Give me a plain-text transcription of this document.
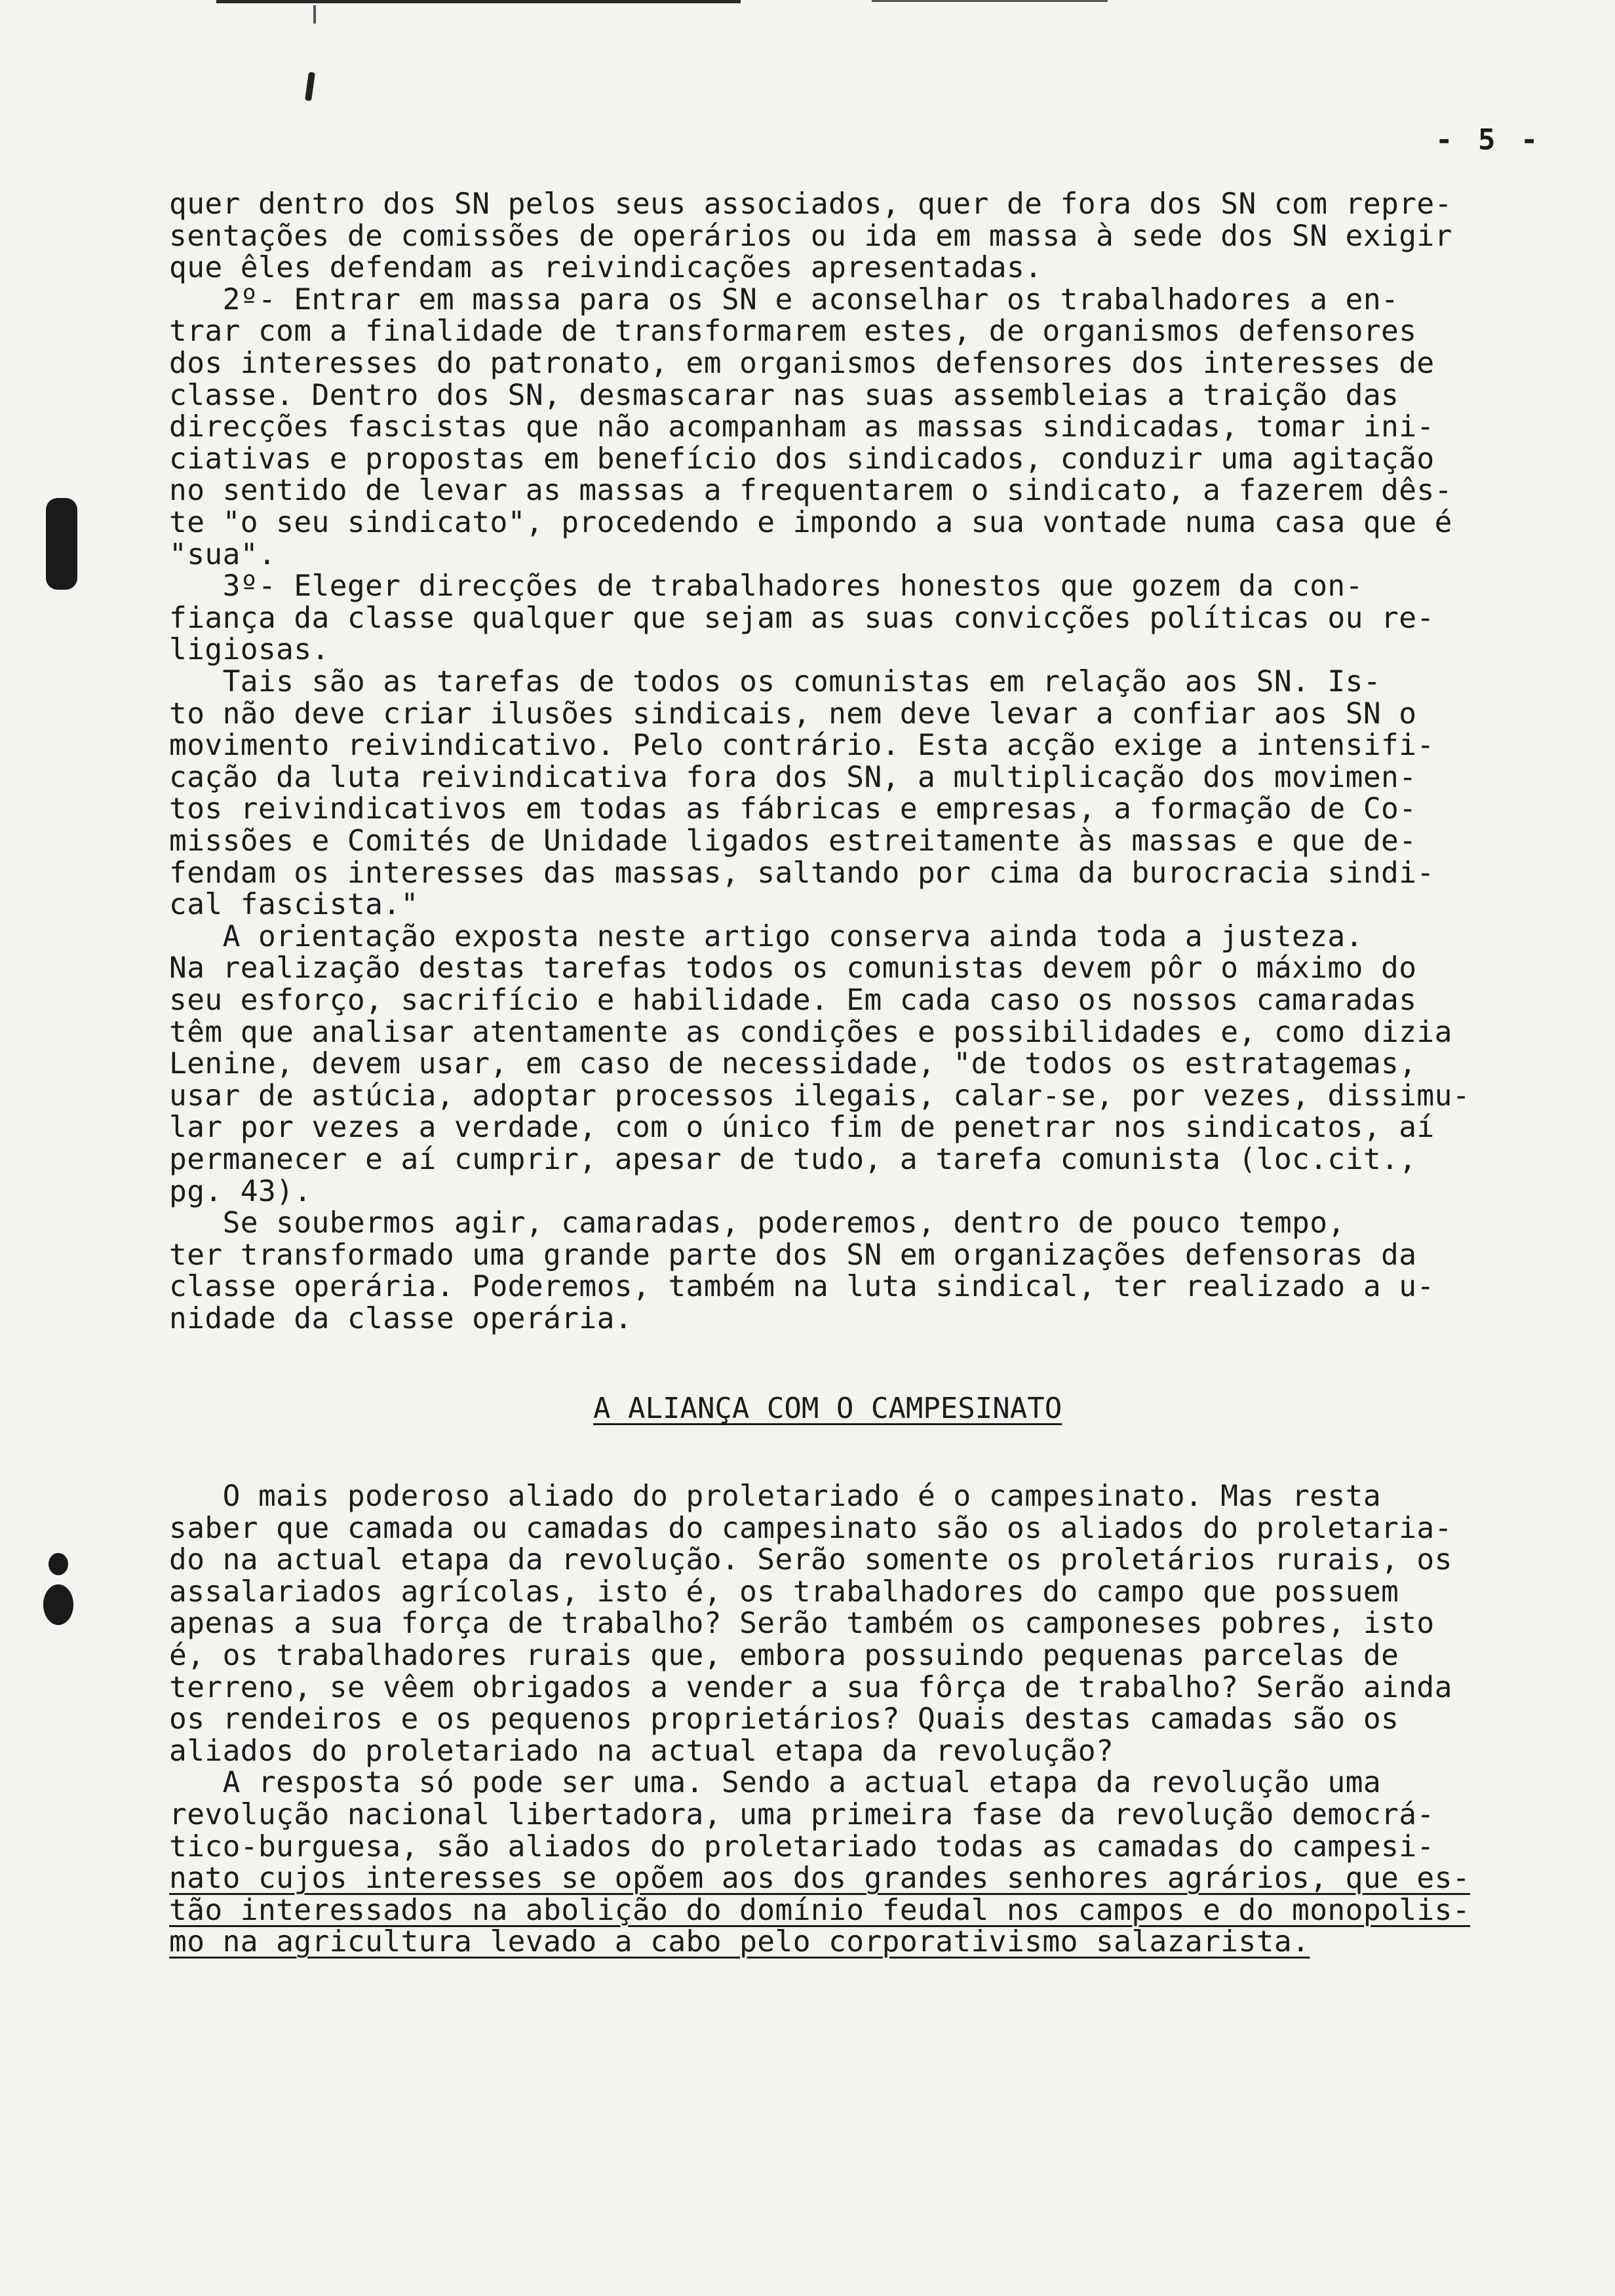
- 5 -
quer dentro dos SN pelos seus associados, quer de fora dos SN com repre-
sentações de comissões de operários ou ida em massa à sede dos SN exigir
que êles defendam as reivindicações apresentadas.
2º- Entrar em massa para os SN e aconselhar os trabalhadores a en-
trar com a finalidade de transformarem estes, de organismos defensores
dos interesses do patronato, em organismos defensores dos interesses de
classe. Dentro dos SN, desmascarar nas suas assembleias a traição das
direcções fascistas que não acompanham as massas sindicadas, tomar ini-
ciativas e propostas em benefício dos sindicados, conduzir uma agitação
no sentido de levar as massas a frequentarem o sindicato, a fazerem dês-
te "o seu sindicato", procedendo e impondo a sua vontade numa casa que é
"sua".
3º- Eleger direcções de trabalhadores honestos que gozem da con-
fiança da classe qualquer que sejam as suas convicções políticas ou re-
ligiosas.
Tais são as tarefas de todos os comunistas em relação aos SN. Is-
to não deve criar ilusões sindicais, nem deve levar a confiar aos SN o
movimento reivindicativo. Pelo contrário. Esta acção exige a intensifi-
cação da luta reivindicativa fora dos SN, a multiplicação dos movimen-
tos reivindicativos em todas as fábricas e empresas, a formação de Co-
missões e Comités de Unidade ligados estreitamente às massas e que de-
fendam os interesses das massas, saltando por cima da burocracia sindi-
cal fascista."
A orientação exposta neste artigo conserva ainda toda a justeza.
Na realização destas tarefas todos os comunistas devem pôr o máximo do
seu esforço, sacrifício e habilidade. Em cada caso os nossos camaradas
têm que analisar atentamente as condições e possibilidades e, como dizia
Lenine, devem usar, em caso de necessidade, "de todos os estratagemas,
usar de astúcia, adoptar processos ilegais, calar-se, por vezes, dissimu-
lar por vezes a verdade, com o único fim de penetrar nos sindicatos, aí
permanecer e aí cumprir, apesar de tudo, a tarefa comunista (loc.cit.,
pg. 43).
Se soubermos agir, camaradas, poderemos, dentro de pouco tempo,
ter transformado uma grande parte dos SN em organizações defensoras da
classe operária. Poderemos, também na luta sindical, ter realizado a u-
nidade da classe operária.
A ALIANÇA COM O CAMPESINATO
O mais poderoso aliado do proletariado é o campesinato. Mas resta
saber que camada ou camadas do campesinato são os aliados do proletaria-
do na actual etapa da revolução. Serão somente os proletários rurais, os
assalariados agrícolas, isto é, os trabalhadores do campo que possuem
apenas a sua força de trabalho? Serão também os camponeses pobres, isto
é, os trabalhadores rurais que, embora possuindo pequenas parcelas de
terreno, se vêem obrigados a vender a sua fôrça de trabalho? Serão ainda
os rendeiros e os pequenos proprietários? Quais destas camadas são os
aliados do proletariado na actual etapa da revolução?
A resposta só pode ser uma. Sendo a actual etapa da revolução uma
revolução nacional libertadora, uma primeira fase da revolução democrá-
tico-burguesa, são aliados do proletariado todas as camadas do campesi-
nato cujos interesses se opõem aos dos grandes senhores agrários, que es-
tão interessados na abolição do domínio feudal nos campos e do monopolis-
mo na agricultura levado a cabo pelo corporativismo salazarista.
